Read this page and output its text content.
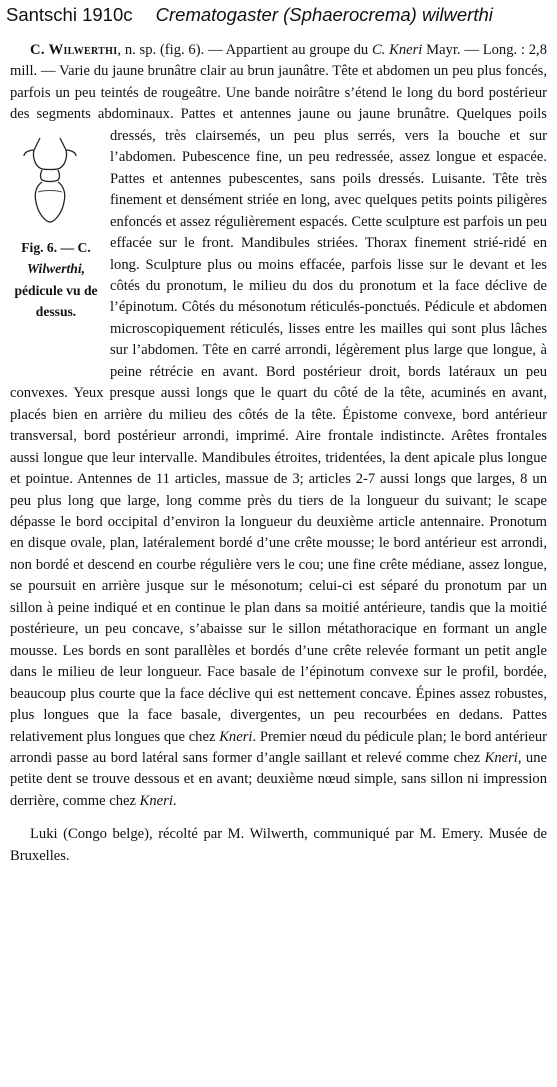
Santschi 1910c Crematogaster (Sphaerocrema) wilwerthi

C. Wilwerthi, n. sp. (fig. 6). — Appartient au groupe du C. Kneri Mayr. — Long. : 2,8 mill. — Varie du jaune brunâtre clair au brun jaunâtre. Tête et abdomen un peu plus foncés, parfois un peu teintés de rougeâtre. Une bande noirâtre s’étend le long du bord postérieur des segments abdominaux. Pattes et antennes jaune ou jaune brunâtre. Quelques poils dressés, très clairsemés, un peu plus serrés,
Fig. 6. — C. Wilwerthi, pédicule vu de dessus.
vers la bouche et sur l’abdomen. Pubescence fine, un peu redressée, assez longue et espacée. Pattes et antennes pubescentes, sans poils dressés. Luisante. Tête très finement et densément striée en long, avec quelques petits points piligères enfoncés et assez régulièrement espacés. Cette sculpture est parfois un peu effacée sur le front. Mandibules striées. Thorax finement strié-ridé en long. Sculpture plus ou moins effacée, parfois lisse sur le devant et les côtés du pronotum, le milieu du dos du pronotum et la face déclive de l’épinotum. Côtés du mésonotum réticulés-ponctués. Pédicule et abdomen microscopiquement réticulés, lisses entre les mailles qui sont plus lâches sur l’abdomen. Tête en carré arrondi, légèrement plus large que longue, à peine rétrécie en avant. Bord postérieur droit, bords latéraux un peu convexes. Yeux presque aussi longs que le quart du côté de la tête, acuminés en avant, placés bien en arrière du milieu des côtés de la tête. Épistome convexe, bord antérieur transversal, bord postérieur arrondi, imprimé. Aire frontale indistincte. Arêtes frontales aussi longue que leur intervalle. Mandibules étroites, tridentées, la dent apicale plus longue et pointue. Antennes de 11 articles, massue de 3; articles 2-7 aussi longs que larges, 8 un peu plus long que large, long comme près du tiers de la longueur du suivant; le scape dépasse le bord occipital d’environ la longueur du deuxième article antennaire. Pronotum en disque ovale, plan, latéralement bordé d’une crête mousse; le bord antérieur est arrondi, non bordé et descend en courbe régulière vers le cou; une fine crête médiane, assez longue, se poursuit en arrière jusque sur le mésonotum; celui-ci est séparé du pronotum par un sillon à peine indiqué et en continue le plan dans sa moitié antérieure, tandis que la moitié postérieure, un peu concave, s’abaisse sur le sillon métathoracique en formant un angle mousse. Les bords en sont parallèles et bordés d’une crête relevée formant un petit angle dans le milieu de leur longueur. Face basale de l’épinotum convexe sur le profil, bordée, beaucoup plus courte que la face déclive qui est nettement concave. Épines assez robustes, plus longues que la face basale, divergentes, un peu recourbées en dedans. Pattes relativement plus longues que chez Kneri. Premier nœud du pédicule plan; le bord antérieur arrondi passe au bord latéral sans former d’angle saillant et relevé comme chez Kneri, une petite dent se trouve dessous et en avant; deuxième nœud simple, sans sillon ni impression derrière, comme chez Kneri.

Luki (Congo belge), récolté par M. Wilwerth, communiqué par M. Emery. Musée de Bruxelles.
